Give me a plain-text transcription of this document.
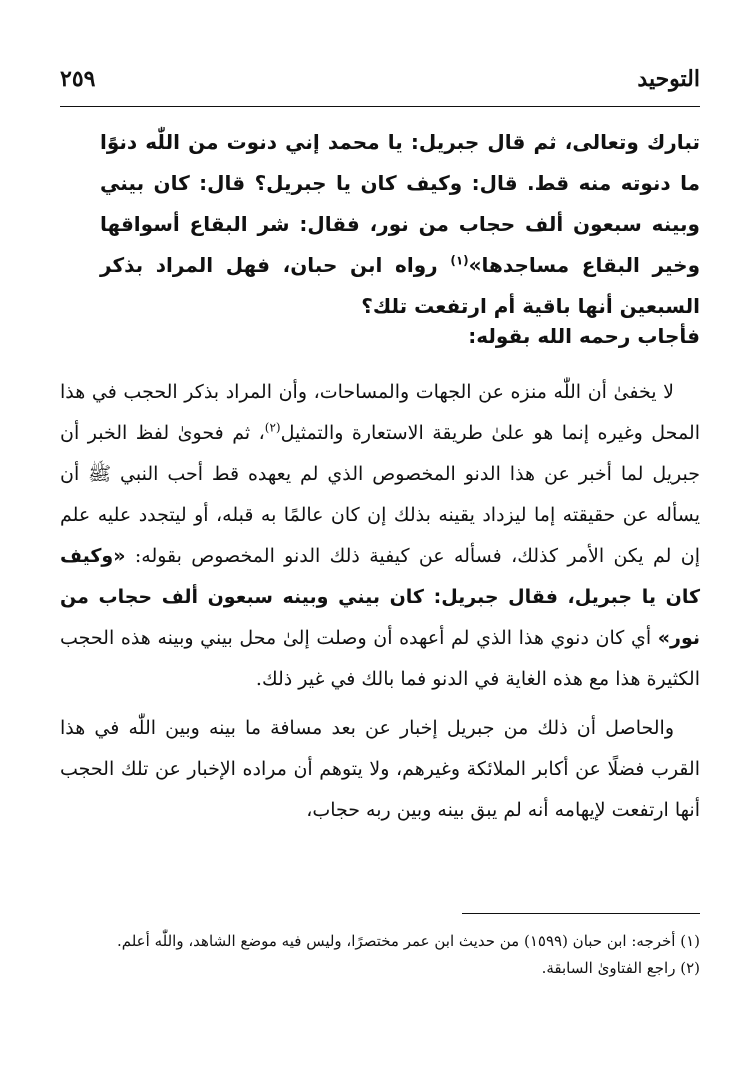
التوحيد
٢٥٩
تبارك وتعالى، ثم قال جبريل: يا محمد إني دنوت من اللّٰه دنوًا ما دنوته منه قط. قال: وكيف كان يا جبريل؟ قال: كان بيني وبينه سبعون ألف حجاب من نور، فقال: شر البقاع أسواقها وخير البقاع مساجدها»$^{(١)}$ رواه ابن حبان، فهل المراد بذكر السبعين أنها باقية أم ارتفعت تلك؟
فأجاب رحمه الله بقوله:

لا يخفىٰ أن اللّٰه منزه عن الجهات والمساحات، وأن المراد بذكر الحجب في هذا المحل وغيره إنما هو علىٰ طريقة الاستعارة والتمثيل$^{(٢)}$، ثم فحوىٰ لفظ الخبر أن جبريل لما أخبر عن هذا الدنو المخصوص الذي لم يعهده قط أحب النبي ﷺ أن يسأله عن حقيقته إما ليزداد يقينه بذلك إن كان عالمًا به قبله، أو ليتجدد عليه علم إن لم يكن الأمر كذلك، فسأله عن كيفية ذلك الدنو المخصوص بقوله: «وكيف كان يا جبريل، فقال جبريل: كان بيني وبينه سبعون ألف حجاب من نور» أي كان دنوي هذا الذي لم أعهده أن وصلت إلىٰ محل بيني وبينه هذه الحجب الكثيرة هذا مع هذه الغاية في الدنو فما بالك في غير ذلك.

والحاصل أن ذلك من جبريل إخبار عن بعد مسافة ما بينه وبين اللّٰه في هذا القرب فضلًا عن أكابر الملائكة وغيرهم، ولا يتوهم أن مراده الإخبار عن تلك الحجب أنها ارتفعت لإيهامه أنه لم يبق بينه وبين ربه حجاب،

(١) أخرجه: ابن حبان (١٥٩٩) من حديث ابن عمر مختصرًا، وليس فيه موضع الشاهد، واللّٰه أعلم.
(٢) راجع الفتاوىٰ السابقة.
